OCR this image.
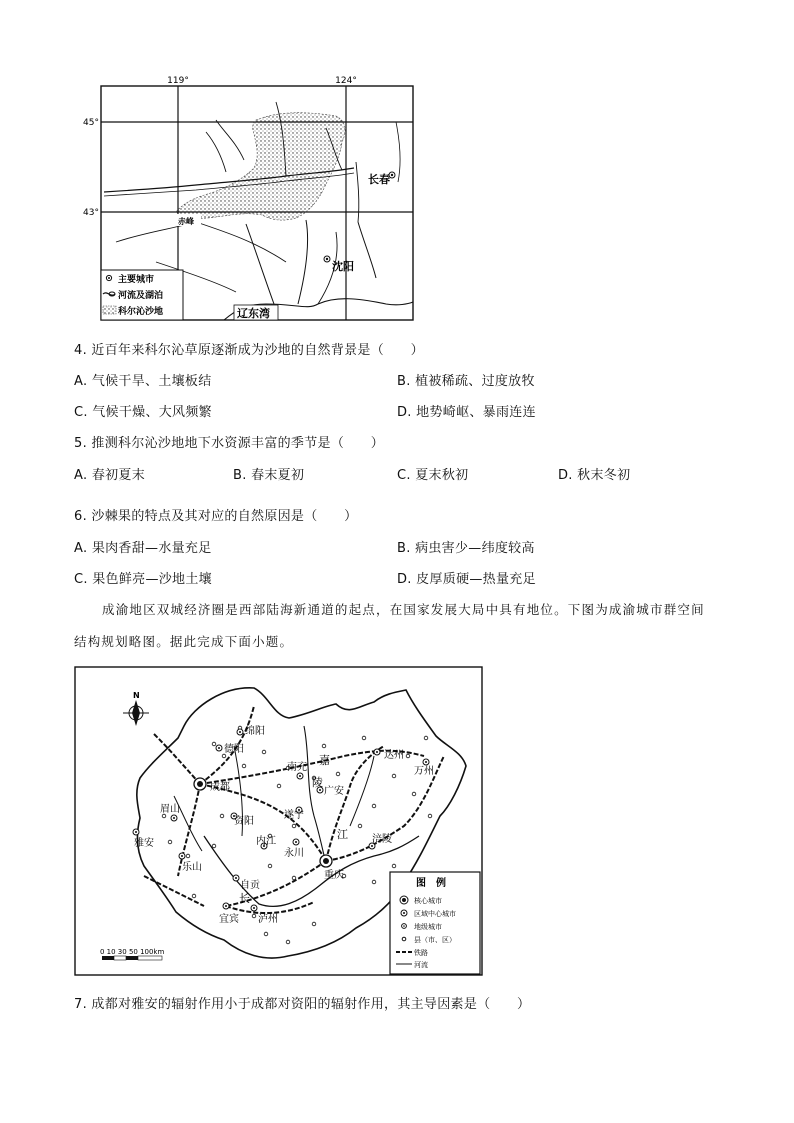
119°	124°
45°
43°
长春
沈阳
赤峰
辽东湾
主要城市
河流及湖泊
科尔沁沙地
4. 近百年来科尔沁草原逐渐成为沙地的自然背景是（　　）
A. 气候干旱、土壤板结	B. 植被稀疏、过度放牧
C. 气候干燥、大风频繁	D. 地势崎岖、暴雨连连
5. 推测科尔沁沙地地下水资源丰富的季节是（　　）
A. 春初夏末	B. 春末夏初	C. 夏末秋初	D. 秋末冬初
6. 沙棘果的特点及其对应的自然原因是（　　）
A. 果肉香甜—水量充足	B. 病虫害少—纬度较高
C. 果色鲜亮—沙地土壤	D. 皮厚质硬—热量充足
成渝地区双城经济圈是西部陆海新通道的起点，在国家发展大局中具有地位。下图为成渝城市群空间
结构规划略图。据此完成下面小题。
N
成都
重庆
绵阳
德阳
眉山
雅安
乐山
资阳
内江
自贡
宜宾 泸州
遂宁
南充
广安
达州
涪陵
永川
万州
嘉
陵
江
长
0 10 30 50 100km
图　例
核心城市
区域中心城市
地级城市
县（市、区）
铁路
河流
7. 成都对雅安的辐射作用小于成都对资阳的辐射作用，其主导因素是（　　）
